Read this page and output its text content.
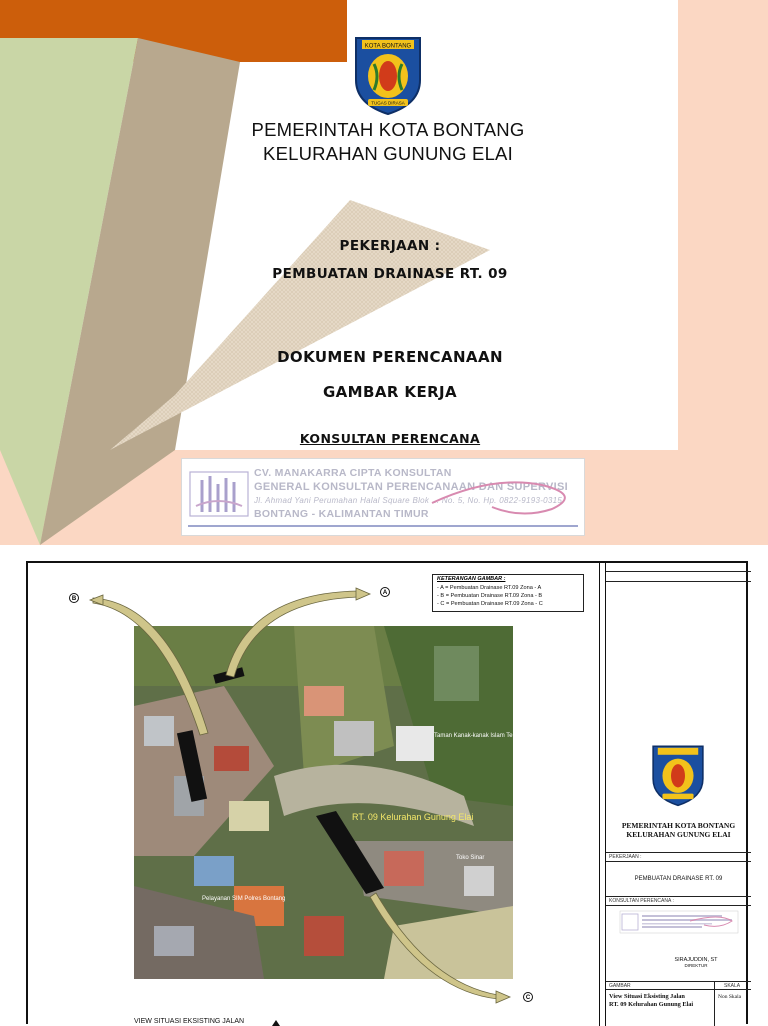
KOTA BONTANG
TUGAS DIRASA
PEMERINTAH KOTA BONTANG
KELURAHAN GUNUNG ELAI
PEKERJAAN :
PEMBUATAN DRAINASE RT. 09
DOKUMEN PERENCANAAN
GAMBAR KERJA
KONSULTAN PERENCANA
CV. MANAKARRA CIPTA KONSULTAN
GENERAL KONSULTAN PERENCANAAN DAN SUPERVISI
Jl. Ahmad Yani Perumahan Halal Square Blok ... No. 5, No. Hp. 0822-9193-0315
BONTANG - KALIMANTAN TIMUR
KETERANGAN GAMBAR :
- A = Pembuatan Drainase RT.09 Zona - A
- B = Pembuatan Drainase RT.09 Zona - B
- C = Pembuatan Drainase RT.09 Zona - C
RT. 09 Kelurahan Gunung Elai
Taman Kanak-kanak Islam Terpadu
Pelayanan SIM Polres Bontang
Toko Sinar
B
A
C
VIEW SITUASI EKSISTING JALAN
PEMERINTAH KOTA BONTANG
KELURAHAN GUNUNG ELAI
PEKERJAAN :
PEMBUATAN DRAINASE RT. 09
KONSULTAN PERENCANA :
SIRAJUDDIN, ST
DIREKTUR
GAMBAR	SKALA
View Situasi Eksisting Jalan
RT. 09 Kelurahan Gunung Elai
Non Skala
